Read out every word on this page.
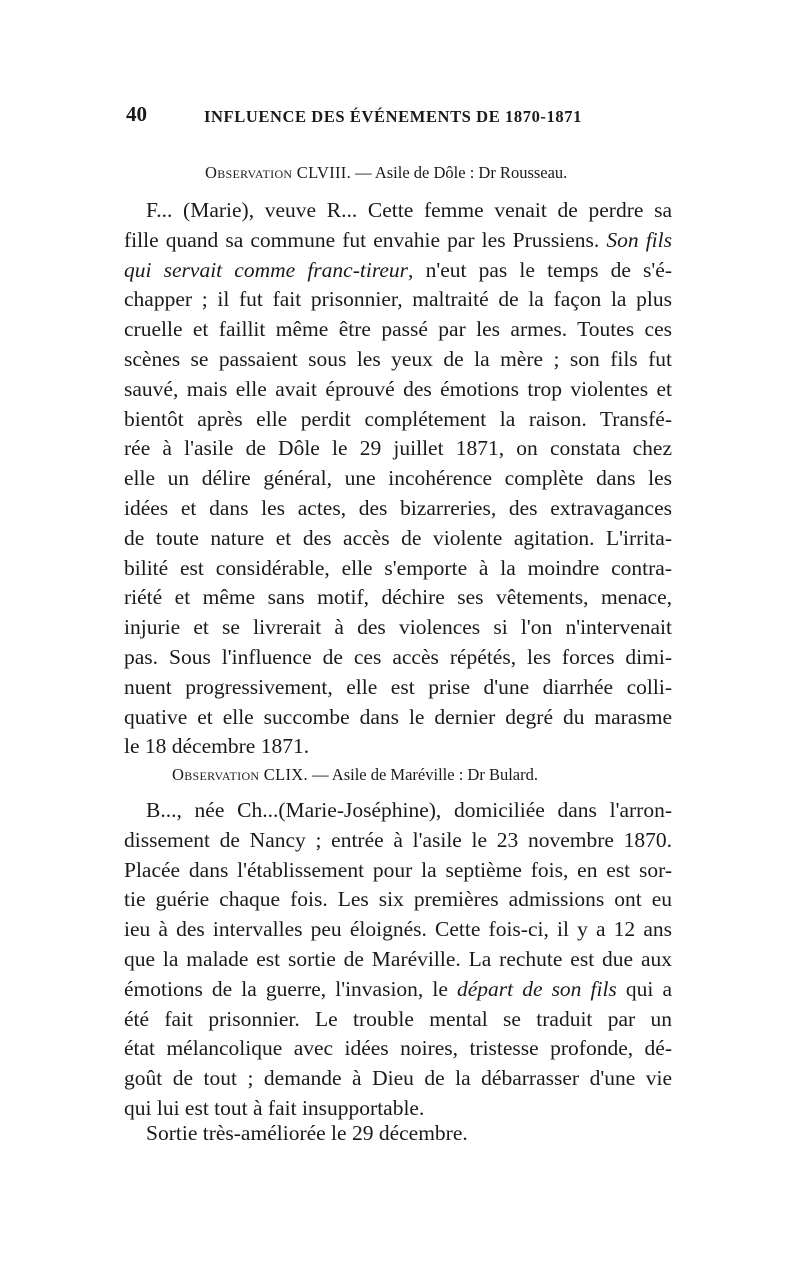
40	INFLUENCE DES ÉVÉNEMENTS DE 1870-1871
Observation CLVIII. — Asile de Dôle : Dr Rousseau.
F... (Marie), veuve R... Cette femme venait de perdre sa
fille quand sa commune fut envahie par les Prussiens. Son fils
qui servait comme franc-tireur, n'eut pas le temps de s'é-
chapper ; il fut fait prisonnier, maltraité de la façon la plus
cruelle et faillit même être passé par les armes. Toutes ces
scènes se passaient sous les yeux de la mère ; son fils fut
sauvé, mais elle avait éprouvé des émotions trop violentes et
bientôt après elle perdit complétement la raison. Transfé-
rée à l'asile de Dôle le 29 juillet 1871, on constata chez
elle un délire général, une incohérence complète dans les
idées et dans les actes, des bizarreries, des extravagances
de toute nature et des accès de violente agitation. L'irrita-
bilité est considérable, elle s'emporte à la moindre contra-
riété et même sans motif, déchire ses vêtements, menace,
injurie et se livrerait à des violences si l'on n'intervenait
pas. Sous l'influence de ces accès répétés, les forces dimi-
nuent progressivement, elle est prise d'une diarrhée colli-
quative et elle succombe dans le dernier degré du marasme
le 18 décembre 1871.
Observation CLIX. — Asile de Maréville : Dr Bulard.
B..., née Ch...(Marie-Joséphine), domiciliée dans l'arron-
dissement de Nancy ; entrée à l'asile le 23 novembre 1870.
Placée dans l'établissement pour la septième fois, en est sor-
tie guérie chaque fois. Les six premières admissions ont eu
ieu à des intervalles peu éloignés. Cette fois-ci, il y a 12 ans
que la malade est sortie de Maréville. La rechute est due aux
émotions de la guerre, l'invasion, le départ de son fils qui a
été fait prisonnier. Le trouble mental se traduit par un
état mélancolique avec idées noires, tristesse profonde, dé-
goût de tout ; demande à Dieu de la débarrasser d'une vie
qui lui est tout à fait insupportable.
Sortie très-améliorée le 29 décembre.
